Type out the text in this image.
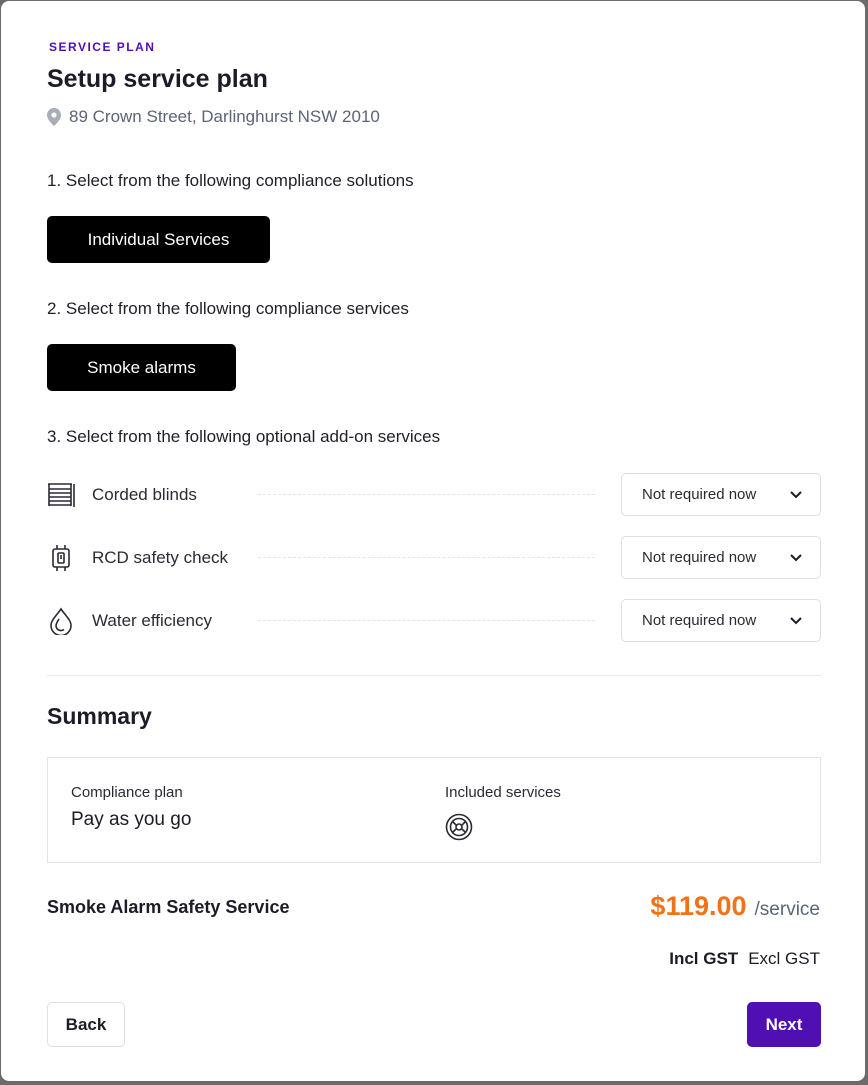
SERVICE PLAN
Setup service plan
89 Crown Street, Darlinghurst NSW 2010
1. Select from the following compliance solutions
Individual Services
2. Select from the following compliance services
Smoke alarms
3. Select from the following optional add-on services
Corded blinds	Not required now
RCD safety check	Not required now
Water efficiency	Not required now
Summary
Compliance plan
Pay as you go
Included services
Smoke Alarm Safety Service	$119.00 /service
Incl GST Excl GST
Back	Next
